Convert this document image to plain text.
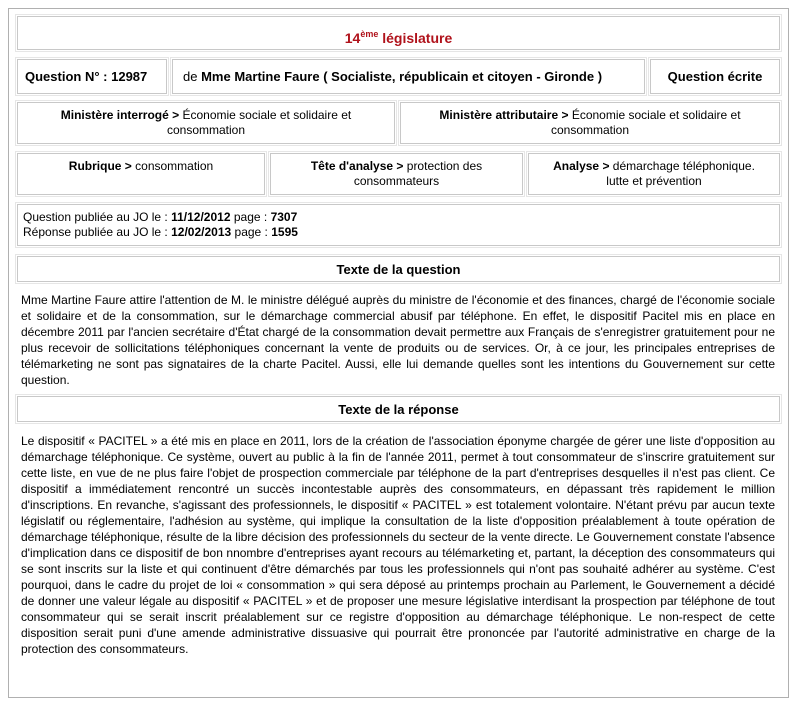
14ème législature
Question N° : 12987	de Mme Martine Faure ( Socialiste, républicain et citoyen - Gironde )	Question écrite
Ministère interrogé > Économie sociale et solidaire et
consommation
Ministère attributaire > Économie sociale et solidaire et
consommation
Rubrique > consommation	Tête d'analyse > protection des
consommateurs
Analyse > démarchage téléphonique.
lutte et prévention
Question publiée au JO le : 11/12/2012 page : 7307
Réponse publiée au JO le : 12/02/2013 page : 1595
Texte de la question
Mme Martine Faure attire l'attention de M. le ministre délégué auprès du ministre de l'économie et des finances, chargé de l'économie sociale et solidaire et de la consommation, sur le démarchage commercial abusif par téléphone. En effet, le dispositif Pacitel mis en place en décembre 2011 par l'ancien secrétaire d'État chargé de la consommation devait permettre aux Français de s'enregistrer gratuitement pour ne plus recevoir de sollicitations téléphoniques concernant la vente de produits ou de services. Or, à ce jour, les principales entreprises de télémarketing ne sont pas signataires de la charte Pacitel. Aussi, elle lui demande quelles sont les intentions du Gouvernement sur cette question.
Texte de la réponse
Le dispositif « PACITEL » a été mis en place en 2011, lors de la création de l'association éponyme chargée de gérer une liste d'opposition au démarchage téléphonique. Ce système, ouvert au public à la fin de l'année 2011, permet à tout consommateur de s'inscrire gratuitement sur cette liste, en vue de ne plus faire l'objet de prospection commerciale par téléphone de la part d'entreprises desquelles il n'est pas client. Ce dispositif a immédiatement rencontré un succès incontestable auprès des consommateurs, en dépassant très rapidement le million d'inscriptions. En revanche, s'agissant des professionnels, le dispositif « PACITEL » est totalement volontaire. N'étant prévu par aucun texte législatif ou réglementaire, l'adhésion au système, qui implique la consultation de la liste d'opposition préalablement à toute opération de démarchage téléphonique, résulte de la libre décision des professionnels du secteur de la vente directe. Le Gouvernement constate l'absence d'implication dans ce dispositif de bon nnombre d'entreprises ayant recours au télémarketing et, partant, la déception des consommateurs qui se sont inscrits sur la liste et qui continuent d'être démarchés par tous les professionnels qui n'ont pas souhaité adhérer au système. C'est pourquoi, dans le cadre du projet de loi « consommation » qui sera déposé au printemps prochain au Parlement, le Gouvernement a décidé de donner une valeur légale au dispositif « PACITEL » et de proposer une mesure législative interdisant la prospection par téléphone de tout consommateur qui se serait inscrit préalablement sur ce registre d'opposition au démarchage téléphonique. Le non-respect de cette disposition serait puni d'une amende administrative dissuasive qui pourrait être prononcée par l'autorité administrative en charge de la protection des consommateurs.
